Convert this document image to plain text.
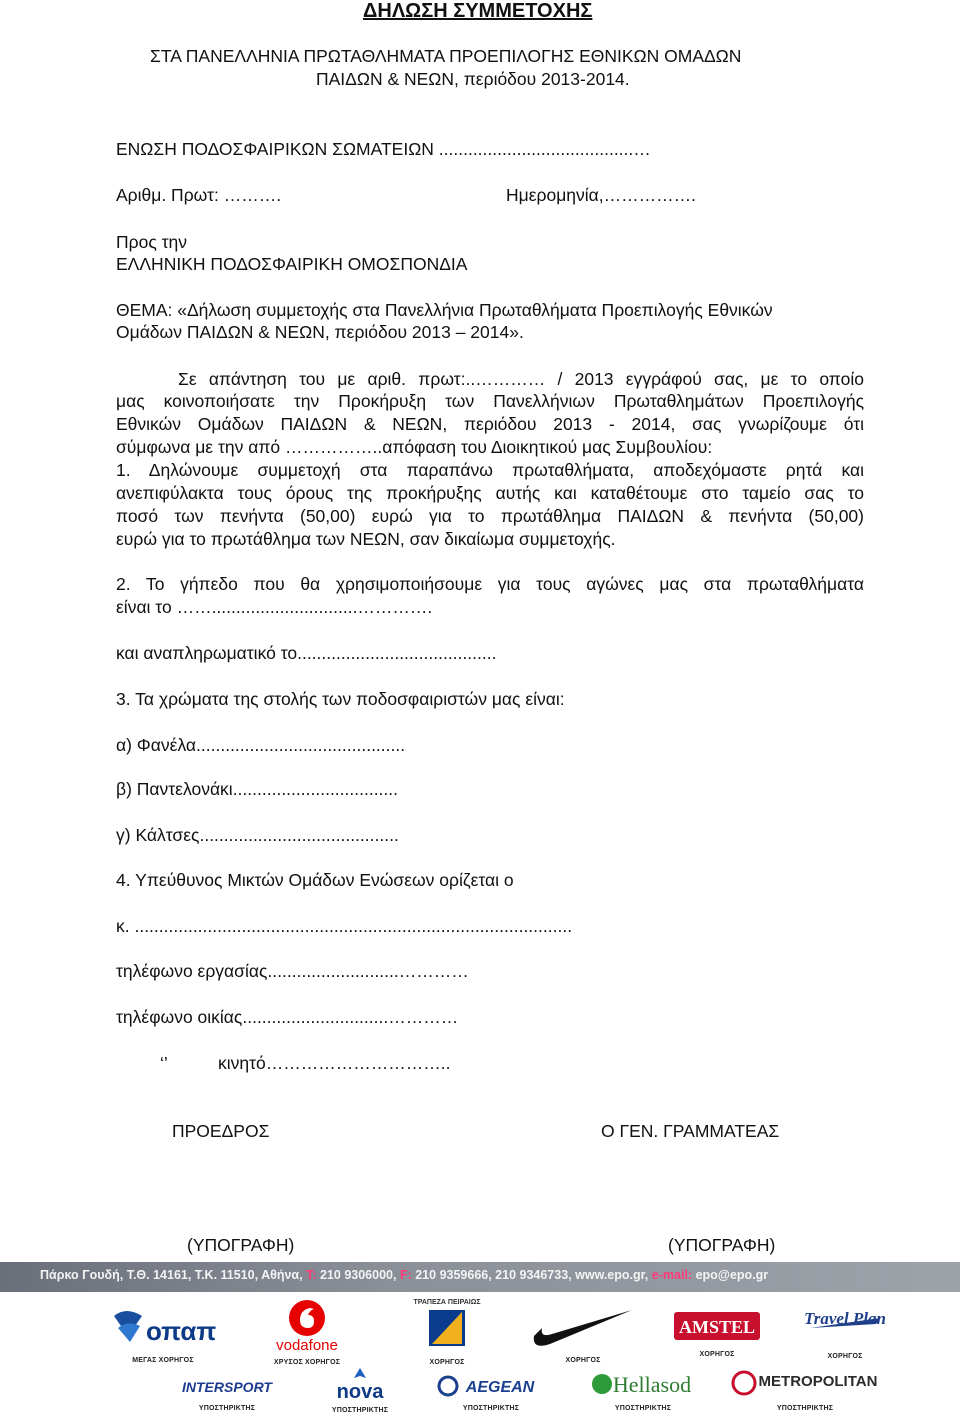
ΔΗΛΩΣΗ ΣΥΜΜΕΤΟΧΗΣ
ΣΤΑ ΠΑΝΕΛΛΗΝΙΑ ΠΡΩΤΑΘΛΗΜΑΤΑ ΠΡΟΕΠΙΛΟΓΗΣ ΕΘΝΙΚΩΝ ΟΜΑΔΩΝ
ΠΑΙΔΩΝ & ΝΕΩΝ, περιόδου 2013-2014.
ΕΝΩΣΗ ΠΟΔΟΣΦΑΙΡΙΚΩΝ ΣΩΜΑΤΕΙΩΝ ........................................…
Αριθμ. Πρωτ: ……….	Ημερομηνία,…………….
Προς την
ΕΛΛΗΝΙΚΗ ΠΟΔΟΣΦΑΙΡΙΚΗ ΟΜΟΣΠΟΝΔΙΑ
ΘΕΜΑ: «Δήλωση συμμετοχής στα Πανελλήνια Πρωταθλήματα Προεπιλογής Εθνικών
Ομάδων ΠΑΙΔΩΝ & ΝΕΩΝ, περιόδου 2013 – 2014».
Σε απάντηση του με αριθ. πρωτ:..………… / 2013 εγγράφού σας, με το οποίο
μας κοινοποιήσατε την Προκήρυξη των Πανελλήνιων Πρωταθλημάτων Προεπιλογής
Εθνικών Ομάδων ΠΑΙΔΩΝ & ΝΕΩΝ, περιόδου 2013 - 2014, σας γνωρίζουμε ότι
σύμφωνα με την από ……………..απόφαση του Διοικητικού μας Συμβουλίου:
1. Δηλώνουμε συμμετοχή στα παραπάνω πρωταθλήματα, αποδεχόμαστε ρητά και
ανεπιφύλακτα τους όρους της προκήρυξης αυτής και καταθέτουμε στο ταμείο σας το
ποσό των πενήντα (50,00) ευρώ για το πρωτάθλημα ΠΑΙΔΩΝ & πενήντα (50,00)
ευρώ για το πρωτάθλημα των ΝΕΩΝ, σαν δικαίωμα συμμετοχής.
2. Το γήπεδο που θα χρησιμοποιήσουμε για τους αγώνες μας στα πρωταθλήματα
είναι το ……..............................………….
και αναπληρωματικό το.........................................
3. Τα χρώματα της στολής των ποδοσφαιριστών μας είναι:
α) Φανέλα...........................................
β) Παντελονάκι..................................
γ) Κάλτσες.........................................
4. Υπεύθυνος Μικτών Ομάδων Ενώσεων ορίζεται ο
κ. ..........................................................................................
τηλέφωνο εργασίας...........................…………
τηλέφωνο οικίας..............................…………
‘’	κινητό…………………………..
ΠΡΟΕΔΡΟΣ	Ο ΓΕΝ. ΓΡΑΜΜΑΤΕΑΣ
(ΥΠΟΓΡΑΦΗ)	(ΥΠΟΓΡΑΦΗ)
Πάρκο Γουδή, Τ.Θ. 14161, Τ.Κ. 11510, Αθήνα, T: 210 9306000, F: 210 9359666, 210 9346733, www.epo.gr, e-mail: epo@epo.gr
οπαπ
ΜΕΓΑΣ ΧΟΡΗΓΟΣ
vodafone
ΧΡΥΣΟΣ ΧΟΡΗΓΟΣ
ΤΡΑΠΕΖΑ ΠΕΙΡΑΙΩΣ
ΧΟΡΗΓΟΣ	ΧΟΡΗΓΟΣ
AMSTEL
ΧΟΡΗΓΟΣ
Travel Plan
ΧΟΡΗΓΟΣ
INTERSPORT
ΥΠΟΣΤΗΡΙΚΤΗΣ
nova
ΥΠΟΣΤΗΡΙΚΤΗΣ
AEGEAN
ΥΠΟΣΤΗΡΙΚΤΗΣ
Hellasod
ΥΠΟΣΤΗΡΙΚΤΗΣ
METROPOLITAN
ΥΠΟΣΤΗΡΙΚΤΗΣ
